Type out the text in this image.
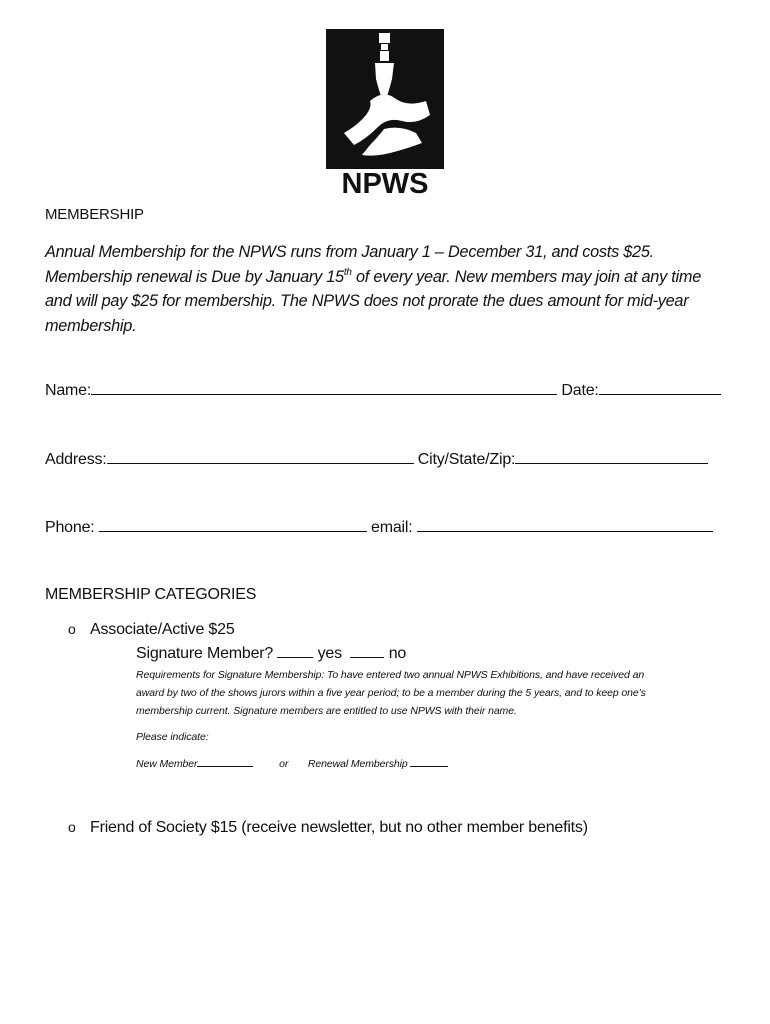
NPWS
MEMBERSHIP
Annual Membership for the NPWS runs from January 1 – December 31, and costs $25.
Membership renewal is Due by January 15th of every year. New members may join at any time
and will pay $25 for membership. The NPWS does not prorate the dues amount for mid-year
membership.
Name:	Date:
Address:	City/State/Zip:
Phone:	email:
MEMBERSHIP CATEGORIES
o Associate/Active $25
Signature Member?	yes	no
Requirements for Signature Membership: To have entered two annual NPWS Exhibitions, and have received an
award by two of the shows jurors within a five year period; to be a member during the 5 years, and to keep one’s
membership current. Signature members are entitled to use NPWS with their name.
Please indicate:
New Member	or Renewal Membership
o Friend of Society $15 (receive newsletter, but no other member benefits)
